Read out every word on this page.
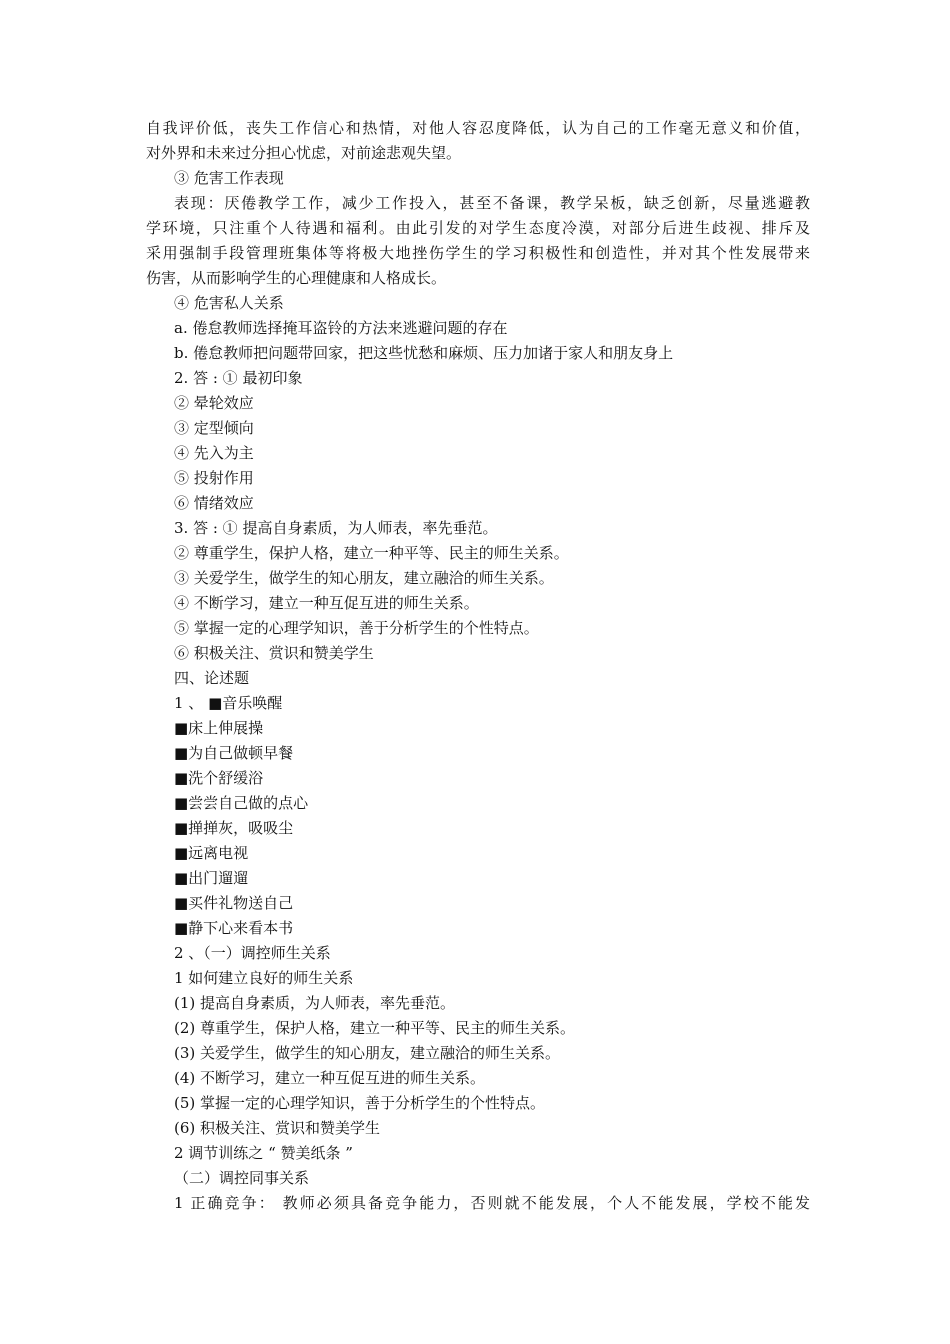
自我评价低，丧失工作信心和热情，对他人容忍度降低，认为自己的工作毫无意义和价值，
对外界和未来过分担心忧虑，对前途悲观失望。
③ 危害工作表现
表现：厌倦教学工作，减少工作投入，甚至不备课，教学呆板，缺乏创新，尽量逃避教
学环境，只注重个人待遇和福利。由此引发的对学生态度冷漠，对部分后进生歧视、排斥及
采用强制手段管理班集体等将极大地挫伤学生的学习积极性和创造性，并对其个性发展带来
伤害，从而影响学生的心理健康和人格成长。
④ 危害私人关系
a. 倦怠教师选择掩耳盗铃的方法来逃避问题的存在
b. 倦怠教师把问题带回家，把这些忧愁和麻烦、压力加诸于家人和朋友身上
2. 答 : ① 最初印象
② 晕轮效应
③ 定型倾向
④ 先入为主
⑤ 投射作用
⑥ 情绪效应
3. 答 : ① 提高自身素质，为人师表，率先垂范。
② 尊重学生，保护人格，建立一种平等、民主的师生关系。
③ 关爱学生，做学生的知心朋友，建立融洽的师生关系。
④ 不断学习，建立一种互促互进的师生关系。
⑤ 掌握一定的心理学知识，善于分析学生的个性特点。
⑥ 积极关注、赏识和赞美学生
四、论述题
1 、 ■音乐唤醒
■床上伸展操
■为自己做顿早餐
■洗个舒缓浴
■尝尝自己做的点心
■掸掸灰，吸吸尘
■远离电视
■出门遛遛
■买件礼物送自己
■静下心来看本书
2 、（一）调控师生关系
1 如何建立良好的师生关系
(1) 提高自身素质，为人师表，率先垂范。
(2) 尊重学生，保护人格，建立一种平等、民主的师生关系。
(3) 关爱学生，做学生的知心朋友，建立融洽的师生关系。
(4) 不断学习，建立一种互促互进的师生关系。
(5) 掌握一定的心理学知识，善于分析学生的个性特点。
(6) 积极关注、赏识和赞美学生
2 调节训练之 “ 赞美纸条 ”
（二）调控同事关系
1 正确竞争： 教师必须具备竞争能力，否则就不能发展，个人不能发展，学校不能发
